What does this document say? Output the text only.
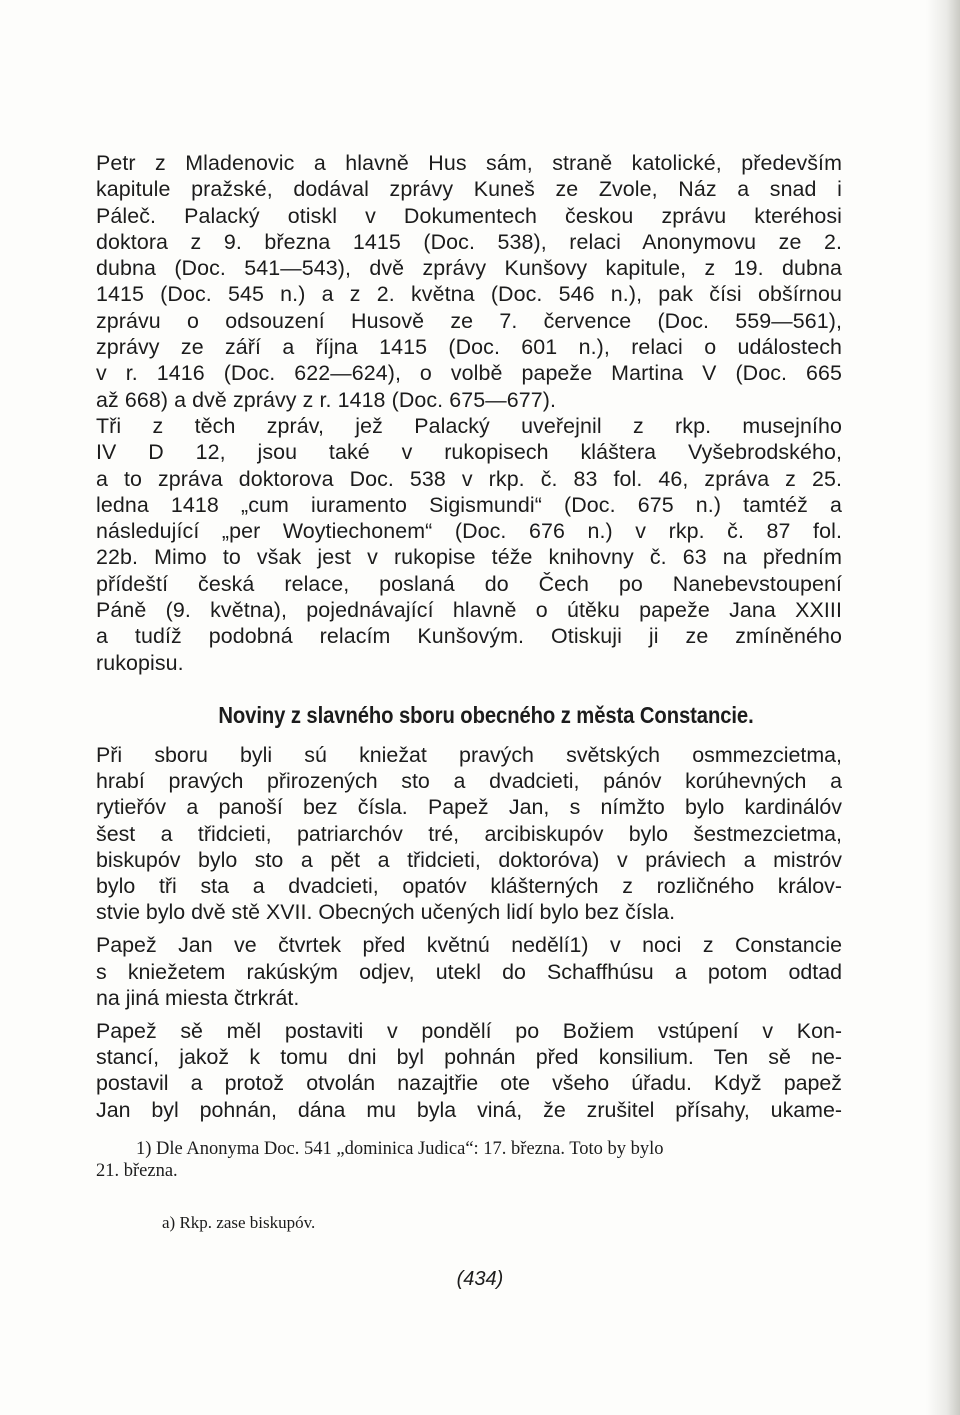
Petr z Mladenovic a hlavně Hus sám, straně katolické, především
kapitule pražské, dodával zprávy Kuneš ze Zvole, Náz a snad i
Páleč. Palacký otiskl v Dokumentech českou zprávu kteréhosi
doktora z 9. března 1415 (Doc. 538), relaci Anonymovu ze 2.
dubna (Doc. 541—543), dvě zprávy Kunšovy kapitule, z 19. dubna
1415 (Doc. 545 n.) a z 2. května (Doc. 546 n.), pak čísi obšírnou
zprávu o odsouzení Husově ze 7. července (Doc. 559—561),
zprávy ze září a října 1415 (Doc. 601 n.), relaci o událostech
v r. 1416 (Doc. 622—624), o volbě papeže Martina V (Doc. 665
až 668) a dvě zprávy z r. 1418 (Doc. 675—677).
Tři z těch zpráv, jež Palacký uveřejnil z rkp. musejního
IV D 12, jsou také v rukopisech kláštera Vyšebrodského,
a to zpráva doktorova Doc. 538 v rkp. č. 83 fol. 46, zpráva z 25.
ledna 1418 „cum iuramento Sigismundi“ (Doc. 675 n.) tamtéž a
následující „per Woytiechonem“ (Doc. 676 n.) v rkp. č. 87 fol.
22b. Mimo to však jest v rukopise téže knihovny č. 63 na předním
přídeští česká relace, poslaná do Čech po Nanebevstoupení
Páně (9. května), pojednávající hlavně o útěku papeže Jana XXIII
a tudíž podobná relacím Kunšovým. Otiskuji ji ze zmíněného
rukopisu.
Noviny z slavného sboru obecného z města Constancie.
Při sboru byli sú kniežat pravých světských osmmezcietma,
hrabí pravých přirozených sto a dvadcieti, pánóv korúhevných a
rytieřóv a panoší bez čísla. Papež Jan, s nímžto bylo kardinálóv
šest a třidcieti, patriarchóv tré, arcibiskupóv bylo šestmezcietma,
biskupóv bylo sto a pět a třidcieti, doktoróva) v práviech a mistróv
bylo tři sta a dvadcieti, opatóv klášterných z rozličného králov-
stvie bylo dvě stě XVII. Obecných učených lidí bylo bez čísla.
Papež Jan ve čtvrtek před květnú nedělí1) v noci z Constancie
s kniežetem rakúským odjev, utekl do Schaffhúsu a potom odtad
na jiná miesta čtrkrát.
Papež sě měl postaviti v pondělí po Božiem vstúpení v Kon-
stancí, jakož k tomu dni byl pohnán před konsilium. Ten sě ne-
postavil a protož otvolán nazajtřie ote všeho úřadu. Když papež
Jan byl pohnán, dána mu byla viná, že zrušitel přísahy, ukame-
1) Dle Anonyma Doc. 541 „dominica Judica“: 17. března. Toto by bylo
21. března.
a) Rkp. zase biskupóv.
(434)
